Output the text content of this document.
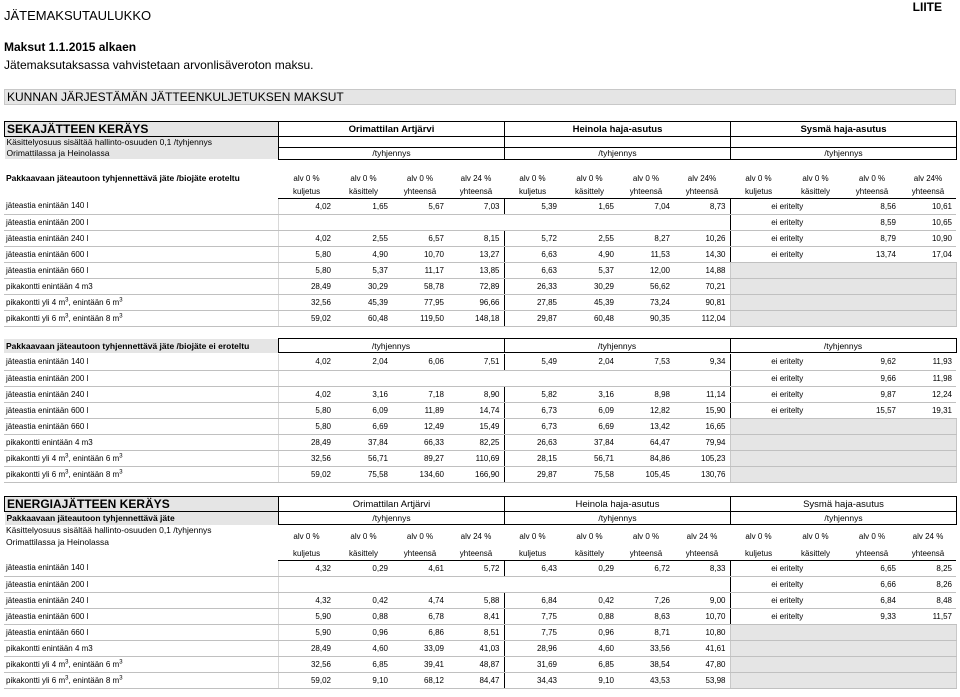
JÄTEMAKSUTAULUKKO
LIITE
Maksut 1.1.2015 alkaen
Jätemaksutaksassa vahvistetaan arvonlisäveroton maksu.
KUNNAN JÄRJESTÄMÄN JÄTTEENKULJETUKSEN MAKSUT
SEKAJÄTTEEN KERÄYS	Orimattilan Artjärvi	Heinola haja-asutus	Sysmä haja-asutus
Käsittelyosuus sisältää hallinto-osuuden 0,1 /tyhjennys			
Orimattilassa ja Heinolassa	/tyhjennys	/tyhjennys	/tyhjennys
Pakkaavaan jäteautoon tyhjennettävä jäte /biojäte eroteltu	alv 0 %	alv 0 %	alv 0 %	alv 24 %	alv 0 %	alv 0 %	alv 0 %	alv 24%	alv 0 %	alv 0 %	alv 0 %	alv 24%
	kuljetus	käsittely	yhteensä	yhteensä	kuljetus	käsittely	yhteensä	yhteensä	kuljetus	käsittely	yhteensä	yhteensä
jäteastia enintään 140 l	4,02	1,65	5,67	7,03	5,39	1,65	7,04	8,73	ei eritelty		8,56	10,61
jäteastia enintään 200 l									ei eritelty		8,59	10,65
jäteastia enintään 240 l	4,02	2,55	6,57	8,15	5,72	2,55	8,27	10,26	ei eritelty		8,79	10,90
jäteastia enintään 600 l	5,80	4,90	10,70	13,27	6,63	4,90	11,53	14,30	ei eritelty		13,74	17,04
jäteastia enintään 660 l	5,80	5,37	11,17	13,85	6,63	5,37	12,00	14,88				
pikakontti enintään 4 m3	28,49	30,29	58,78	72,89	26,33	30,29	56,62	70,21				
pikakontti yli 4 $m^3$, enintään 6 $m^3$	32,56	45,39	77,95	96,66	27,85	45,39	73,24	90,81				
pikakontti yli 6 $m^3$, enintään 8 $m^3$	59,02	60,48	119,50	148,18	29,87	60,48	90,35	112,04				
Pakkaavaan jäteautoon tyhjennettävä jäte /biojäte ei eroteltu	/tyhjennys	/tyhjennys	/tyhjennys
jäteastia enintään 140 l	4,02	2,04	6,06	7,51	5,49	2,04	7,53	9,34	ei eritelty	9,62	11,93
jäteastia enintään 200 l									ei eritelty	9,66	11,98
jäteastia enintään 240 l	4,02	3,16	7,18	8,90	5,82	3,16	8,98	11,14	ei eritelty	9,87	12,24
jäteastia enintään 600 l	5,80	6,09	11,89	14,74	6,73	6,09	12,82	15,90	ei eritelty	15,57	19,31
jäteastia enintään 660 l	5,80	6,69	12,49	15,49	6,73	6,69	13,42	16,65			
pikakontti enintään 4 m3	28,49	37,84	66,33	82,25	26,63	37,84	64,47	79,94			
pikakontti yli 4 $m^3$, enintään 6 $m^3$	32,56	56,71	89,27	110,69	28,15	56,71	84,86	105,23			
pikakontti yli 6 $m^3$, enintään 8 $m^3$	59,02	75,58	134,60	166,90	29,87	75,58	105,45	130,76			
ENERGIAJÄTTEEN KERÄYS	Orimattilan Artjärvi	Heinola haja-asutus	Sysmä haja-asutus
Pakkaavaan jäteautoon tyhjennettävä jäte	/tyhjennys	/tyhjennys	/tyhjennys
Käsittelyosuus sisältää hallinto-osuuden 0,1 /tyhjennys
Orimattilassa ja Heinolassa	alv 0 %	alv 0 %	alv 0 %	alv 24 %	alv 0 %	alv 0 %	alv 0 %	alv 24 %	alv 0 %	alv 0 %	alv 0 %	alv 24 %
	kuljetus	käsittely	yhteensä	yhteensä	kuljetus	käsittely	yhteensä	yhteensä	kuljetus	käsittely	yhteensä	yhteensä
jäteastia enintään 140 l	4,32	0,29	4,61	5,72	6,43	0,29	6,72	8,33	ei eritelty		6,65	8,25
jäteastia enintään 200 l									ei eritelty		6,66	8,26
jäteastia enintään 240 l	4,32	0,42	4,74	5,88	6,84	0,42	7,26	9,00	ei eritelty		6,84	8,48
jäteastia enintään 600 l	5,90	0,88	6,78	8,41	7,75	0,88	8,63	10,70	ei eritelty		9,33	11,57
jäteastia enintään 660 l	5,90	0,96	6,86	8,51	7,75	0,96	8,71	10,80				
pikakontti enintään 4 m3	28,49	4,60	33,09	41,03	28,96	4,60	33,56	41,61				
pikakontti yli 4 $m^3$, enintään 6 $m^3$	32,56	6,85	39,41	48,87	31,69	6,85	38,54	47,80				
pikakontti yli 6 $m^3$, enintään 8 $m^3$	59,02	9,10	68,12	84,47	34,43	9,10	43,53	53,98				
